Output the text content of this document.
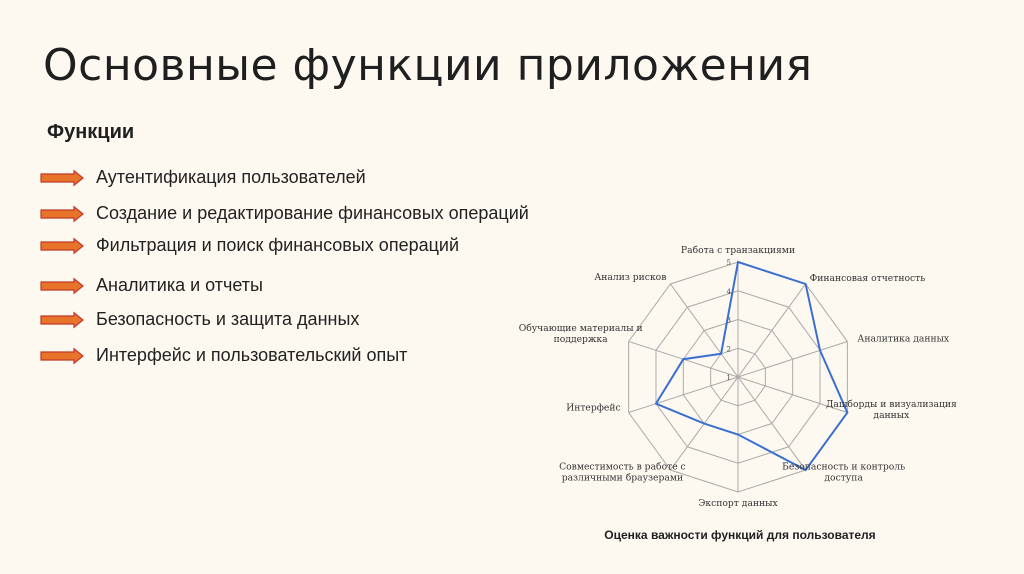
Основные функции приложения
Функции
Аутентификация пользователей
Создание и редактирование финансовых операций
Фильтрация и поиск финансовых операций
Аналитика и отчеты
Безопасность и защита данных
Интерфейс и пользовательский опыт
1
2
3
4
5
Работа с транзакциями
Финансовая отчетность
Аналитика данных
Дашборды и визуализация данных
Безопасность и контроль доступа
Экспорт данных
Совместимость в работе с различными браузерами
Интерфейс
Обучающие материалы и поддержка
Анализ рисков
Оценка важности функций для пользователя
